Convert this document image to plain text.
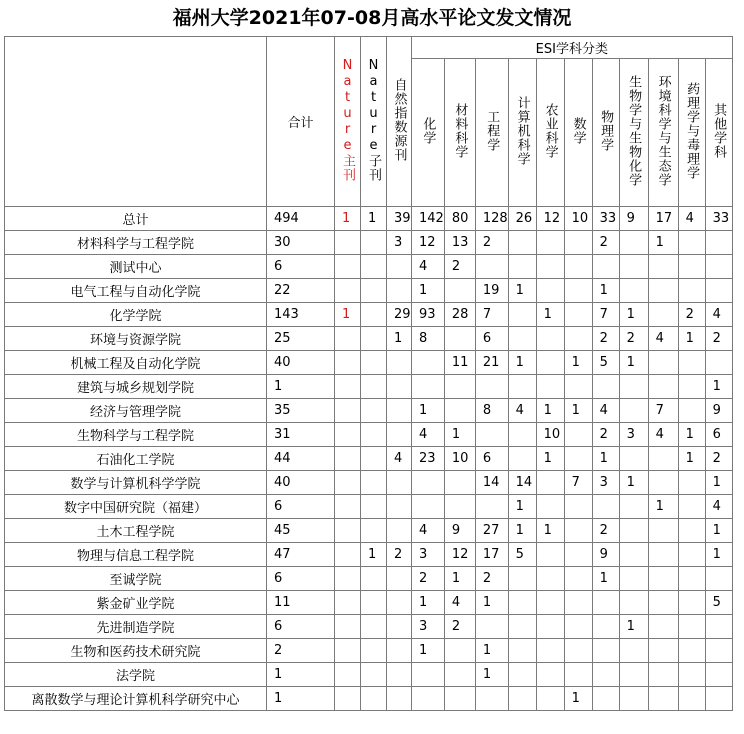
福州大学2021年07-08月高水平论文发文情况
	合计	Nature主刊	Nature子刊	自然指数源刊	ESI学科分类										
					化学	材料科学	工程学	计算机科学	农业科学	数学	物理学	生物学与生物化学	环境科学与生态学	药理学与毒理学	其他学科
总计	494	1	1	39	142	80	128	26	12	10	33	9	17	4	33
材料科学与工程学院	30			3	12	13	2				2		1		
测试中心	6				4	2									
电气工程与自动化学院	22				1		19	1			1				
化学学院	143	1		29	93	28	7		1		7	1		2	4
环境与资源学院	25			1	8		6				2	2	4	1	2
机械工程及自动化学院	40					11	21	1		1	5	1			
建筑与城乡规划学院	1														1
经济与管理学院	35				1		8	4	1	1	4		7		9
生物科学与工程学院	31				4	1			10		2	3	4	1	6
石油化工学院	44			4	23	10	6		1		1			1	2
数学与计算机科学学院	40						14	14		7	3	1			1
数字中国研究院（福建）	6							1					1		4
土木工程学院	45				4	9	27	1	1		2				1
物理与信息工程学院	47		1	2	3	12	17	5			9				1
至诚学院	6				2	1	2				1				
紫金矿业学院	11				1	4	1								5
先进制造学院	6				3	2						1			
生物和医药技术研究院	2				1		1								
法学院	1						1								
离散数学与理论计算机科学研究中心	1									1					
